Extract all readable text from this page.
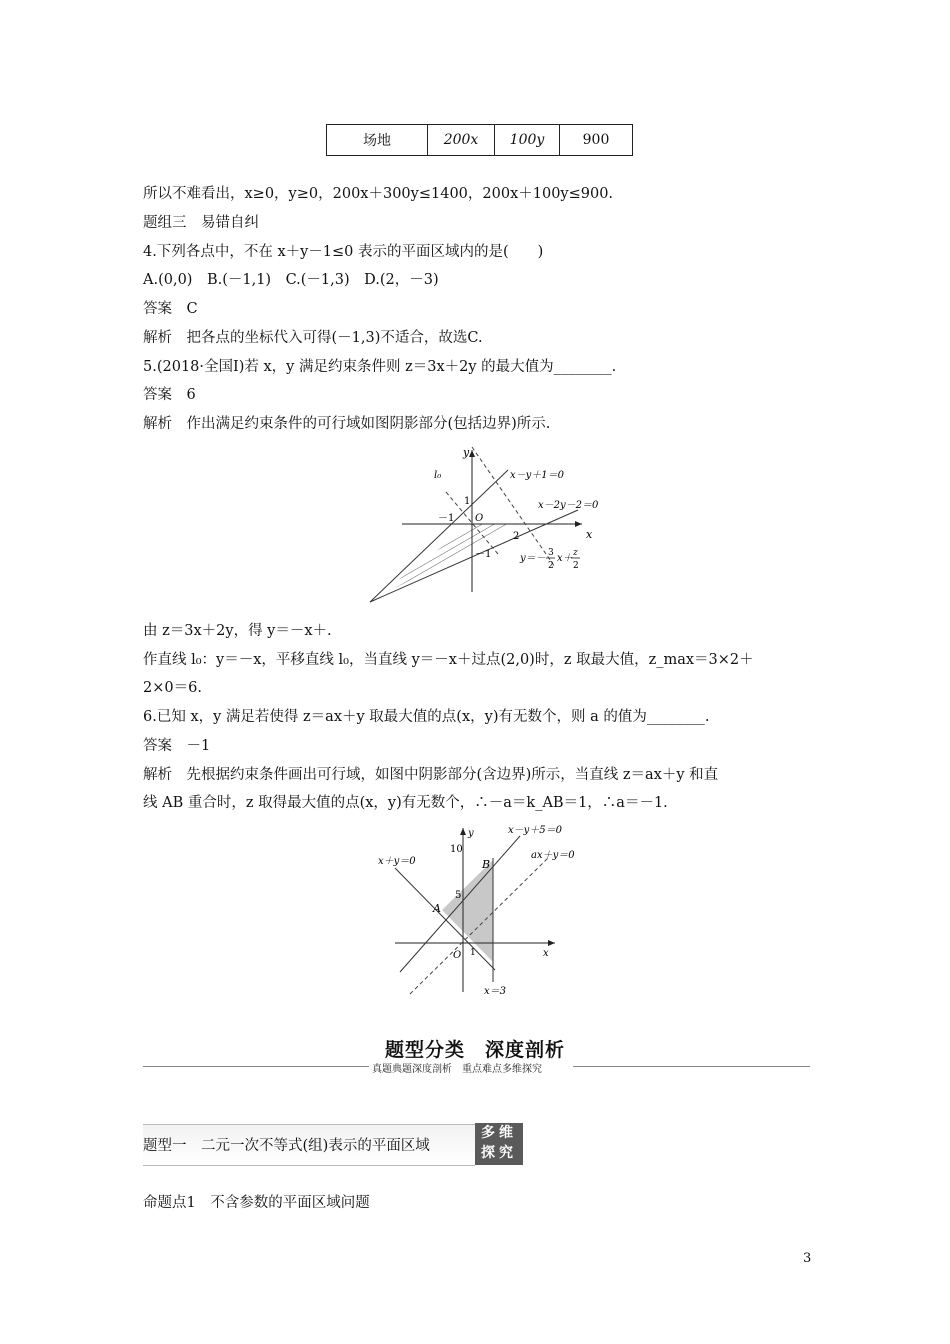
场地	200x	100y	900
所以不难看出，x≥0，y≥0，200x＋300y≤1400，200x＋100y≤900.
题组三　易错自纠
4.下列各点中，不在 x＋y－1≤0 表示的平面区域内的是(　　)
A.(0,0)　B.(－1,1)　C.(－1,3)　D.(2，－3)
答案　C
解析　把各点的坐标代入可得(－1,3)不适合，故选C.
5.(2018·全国Ⅰ)若 x，y 满足约束条件则 z＝3x＋2y 的最大值为________.
答案　6
解析　作出满足约束条件的可行域如图阴影部分(包括边界)所示.
y
x
l₀	x－y＋1＝0
x－2y－2＝0
1
－1 O
2
－1	y＝－ 3
2
x＋ z
2
由 z＝3x＋2y，得 y＝－x＋.
作直线 l₀：y＝－x，平移直线 l₀，当直线 y＝－x＋过点(2,0)时，z 取最大值，z_max＝3×2＋
2×0＝6.
6.已知 x，y 满足若使得 z＝ax＋y 取最大值的点(x，y)有无数个，则 a 的值为________.
答案　－1
解析　先根据约束条件画出可行域，如图中阴影部分(含边界)所示，当直线 z＝ax＋y 和直
线 AB 重合时，z 取得最大值的点(x，y)有无数个，∴－a＝k_AB＝1，∴a＝－1.
y
x
x－y＋5＝0
ax＋y＝0
x＋y＝0
10
5
B
A
O 1
x＝3
题型分类　深度剖析
真题典题深度剖析　重点难点多维探究
题型一　二元一次不等式(组)表示的平面区域
多维
探究
命题点1　不含参数的平面区域问题
3
